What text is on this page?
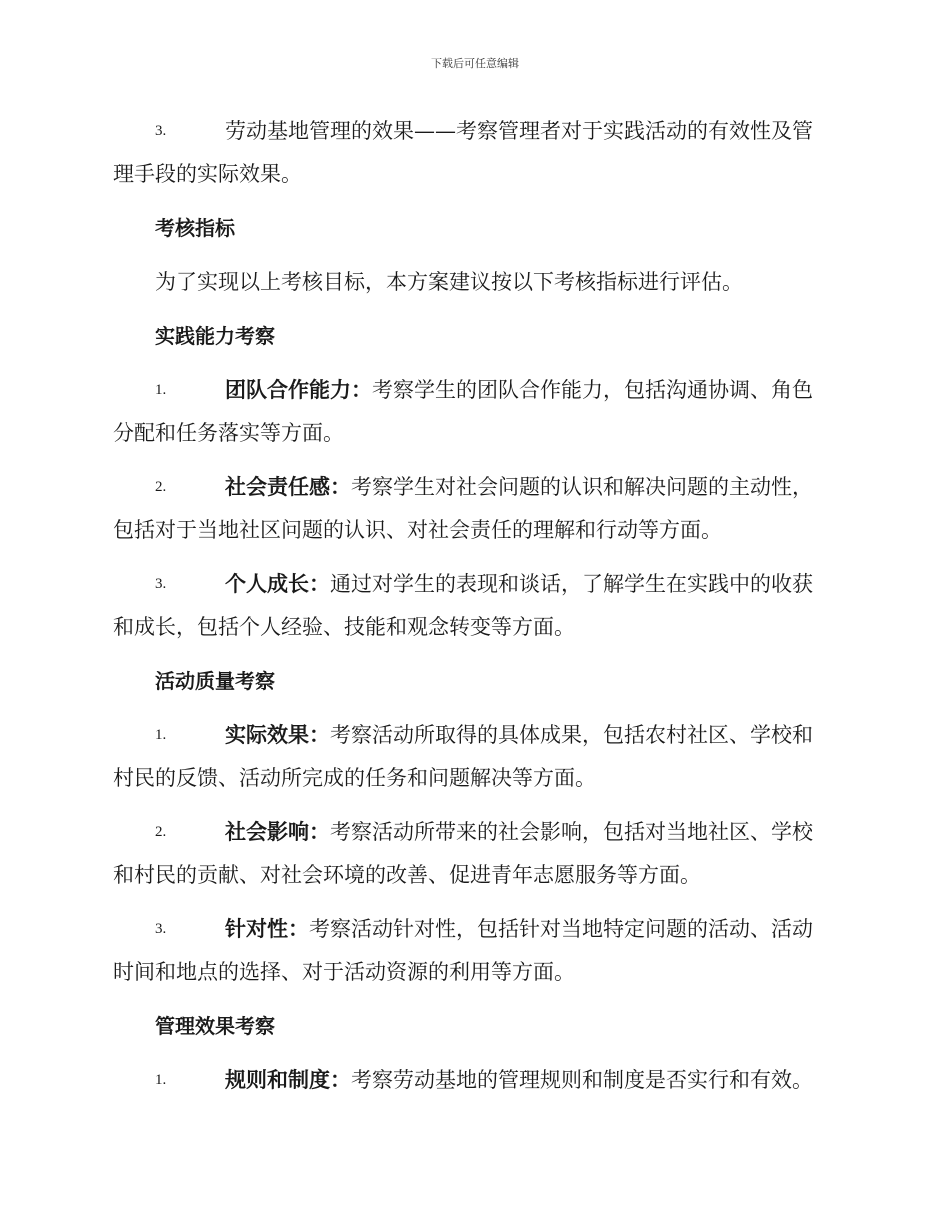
下载后可任意编辑
3.	劳动基地管理的效果——考察管理者对于实践活动的有效性及管
理手段的实际效果。
考核指标
为了实现以上考核目标，本方案建议按以下考核指标进行评估。
实践能力考察
1.	团队合作能力：考察学生的团队合作能力，包括沟通协调、角色
分配和任务落实等方面。
2.	社会责任感：考察学生对社会问题的认识和解决问题的主动性，
包括对于当地社区问题的认识、对社会责任的理解和行动等方面。
3.	个人成长：通过对学生的表现和谈话，了解学生在实践中的收获
和成长，包括个人经验、技能和观念转变等方面。
活动质量考察
1.	实际效果：考察活动所取得的具体成果，包括农村社区、学校和
村民的反馈、活动所完成的任务和问题解决等方面。
2.	社会影响：考察活动所带来的社会影响，包括对当地社区、学校
和村民的贡献、对社会环境的改善、促进青年志愿服务等方面。
3.	针对性：考察活动针对性，包括针对当地特定问题的活动、活动
时间和地点的选择、对于活动资源的利用等方面。
管理效果考察
1.	规则和制度：考察劳动基地的管理规则和制度是否实行和有效。
